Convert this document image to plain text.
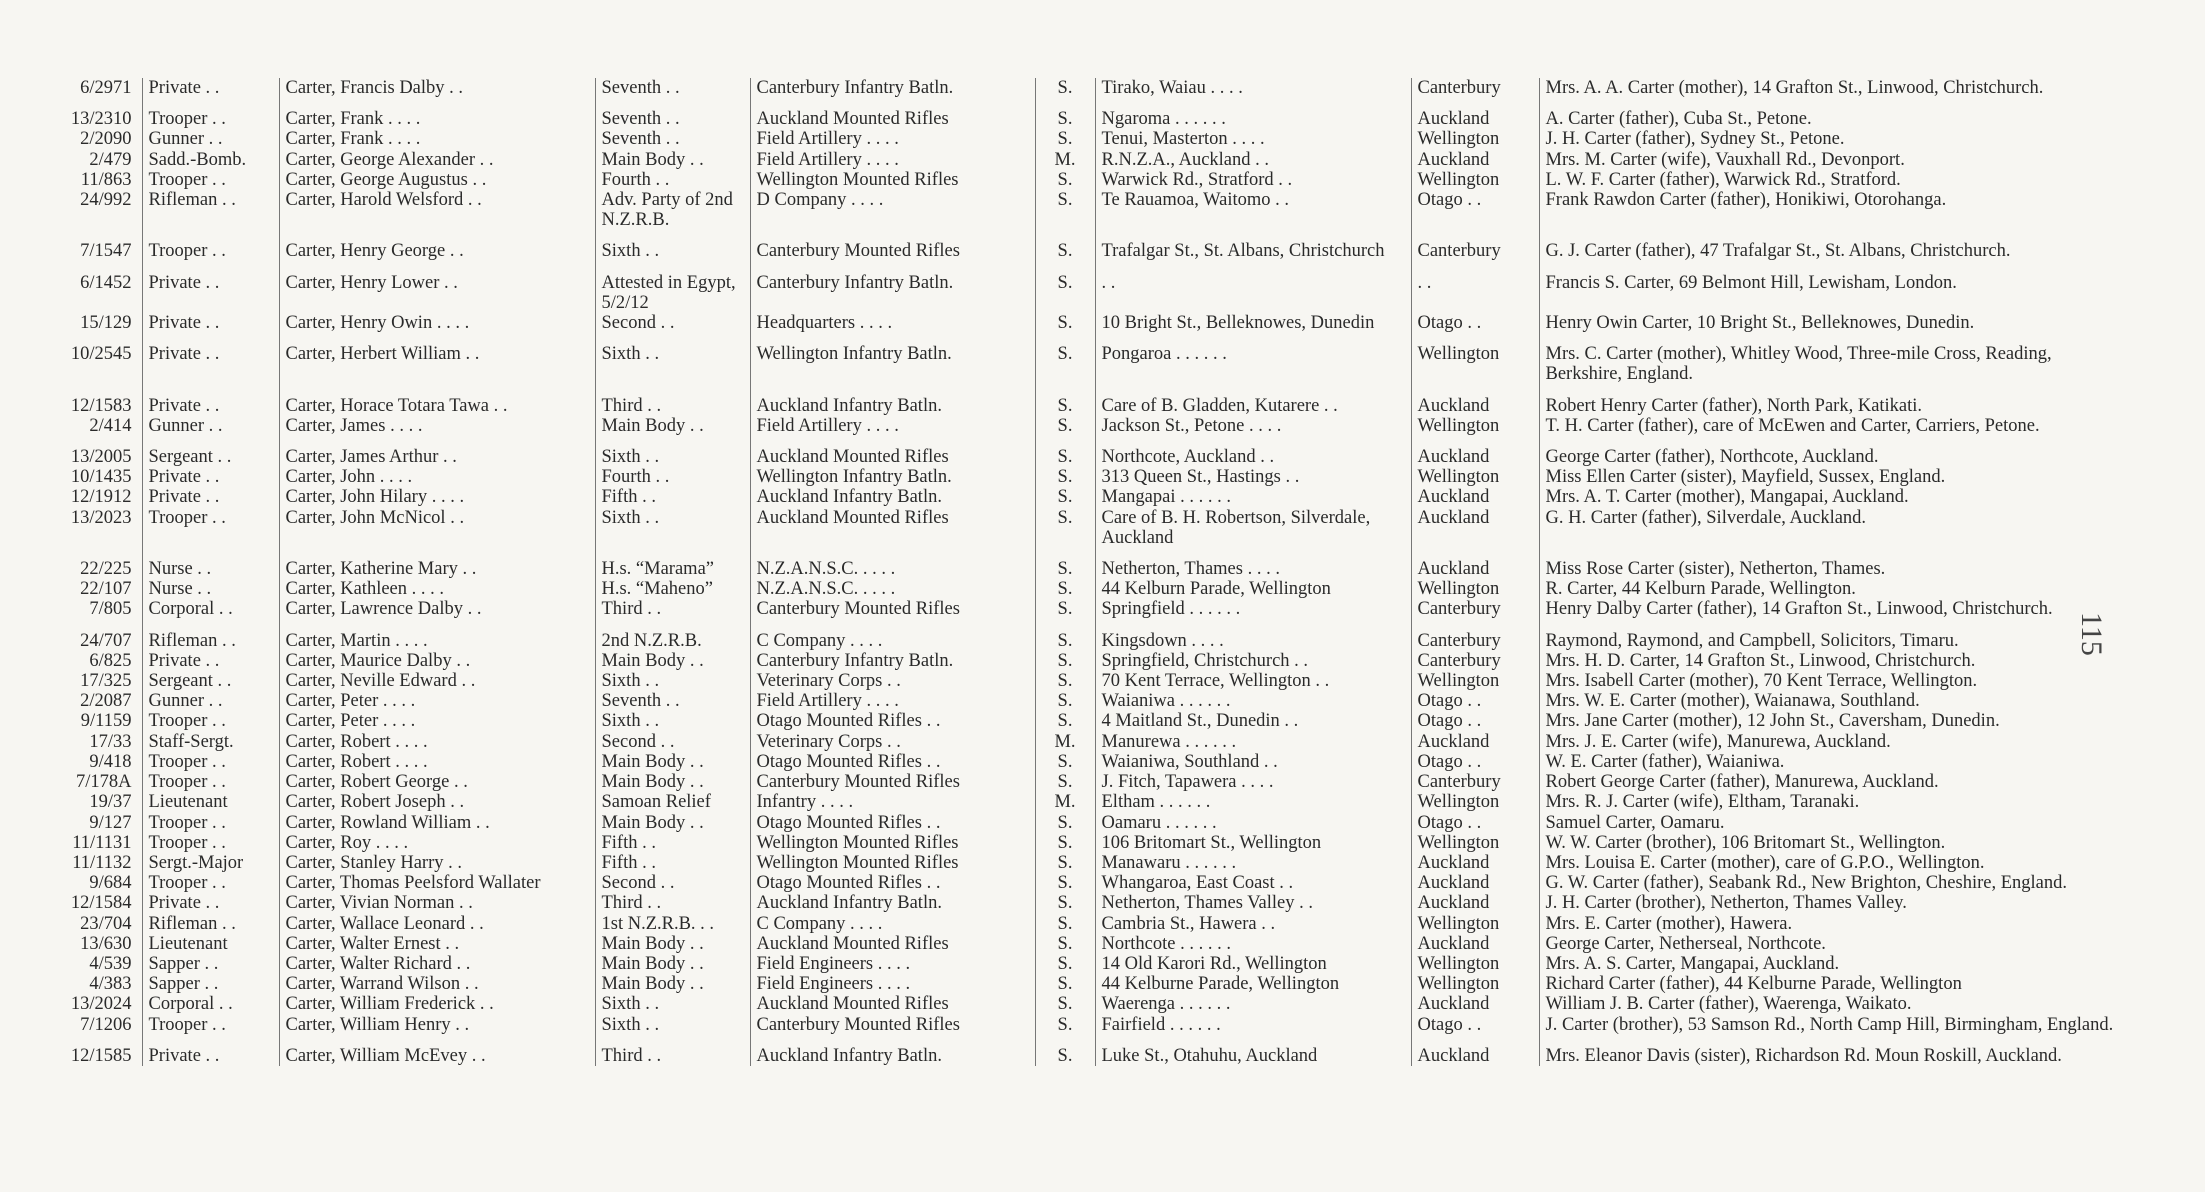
6/2971	Private . .	Carter, Francis Dalby . .	Seventh . .	Canterbury Infantry Batln.	S.	Tirako, Waiau . . . .	Canterbury	Mrs. A. A. Carter (mother), 14 Grafton St., Linwood, Christchurch.
13/2310	Trooper . .	Carter, Frank . . . .	Seventh . .	Auckland Mounted Rifles	S.	Ngaroma . . . . . .	Auckland	A. Carter (father), Cuba St., Petone.
2/2090	Gunner . .	Carter, Frank . . . .	Seventh . .	Field Artillery . . . .	S.	Tenui, Masterton . . . .	Wellington	J. H. Carter (father), Sydney St., Petone.
2/479	Sadd.-Bomb.	Carter, George Alexander . .	Main Body . .	Field Artillery . . . .	M.	R.N.Z.A., Auckland . .	Auckland	Mrs. M. Carter (wife), Vauxhall Rd., Devonport.
11/863	Trooper . .	Carter, George Augustus . .	Fourth . .	Wellington Mounted Rifles	S.	Warwick Rd., Stratford . .	Wellington	L. W. F. Carter (father), Warwick Rd., Stratford.
24/992	Rifleman . .	Carter, Harold Welsford . .	Adv. Party of 2nd N.Z.R.B.	D Company . . . .	S.	Te Rauamoa, Waitomo . .	Otago . .	Frank Rawdon Carter (father), Honikiwi, Otorohanga.
7/1547	Trooper . .	Carter, Henry George . .	Sixth . .	Canterbury Mounted Rifles	S.	Trafalgar St., St. Albans, Christchurch	Canterbury	G. J. Carter (father), 47 Trafalgar St., St. Albans, Christchurch.
6/1452	Private . .	Carter, Henry Lower . .	Attested in Egypt, 5/2/12	Canterbury Infantry Batln.	S.	. .	. .	Francis S. Carter, 69 Belmont Hill, Lewisham, London.
15/129	Private . .	Carter, Henry Owin . . . .	Second . .	Headquarters . . . .	S.	10 Bright St., Belleknowes, Dunedin	Otago . .	Henry Owin Carter, 10 Bright St., Belleknowes, Dunedin.
10/2545	Private . .	Carter, Herbert William . .	Sixth . .	Wellington Infantry Batln.	S.	Pongaroa . . . . . .	Wellington	Mrs. C. Carter (mother), Whitley Wood, Three-mile Cross, Reading, Berkshire, England.
12/1583	Private . .	Carter, Horace Totara Tawa . .	Third . .	Auckland Infantry Batln.	S.	Care of B. Gladden, Kutarere . .	Auckland	Robert Henry Carter (father), North Park, Katikati.
2/414	Gunner . .	Carter, James . . . .	Main Body . .	Field Artillery . . . .	S.	Jackson St., Petone . . . .	Wellington	T. H. Carter (father), care of McEwen and Carter, Carriers, Petone.
13/2005	Sergeant . .	Carter, James Arthur . .	Sixth . .	Auckland Mounted Rifles	S.	Northcote, Auckland . .	Auckland	George Carter (father), Northcote, Auckland.
10/1435	Private . .	Carter, John . . . .	Fourth . .	Wellington Infantry Batln.	S.	313 Queen St., Hastings . .	Wellington	Miss Ellen Carter (sister), Mayfield, Sussex, England.
12/1912	Private . .	Carter, John Hilary . . . .	Fifth . .	Auckland Infantry Batln.	S.	Mangapai . . . . . .	Auckland	Mrs. A. T. Carter (mother), Mangapai, Auckland.
13/2023	Trooper . .	Carter, John McNicol . .	Sixth . .	Auckland Mounted Rifles	S.	Care of B. H. Robertson, Silverdale, Auckland	Auckland	G. H. Carter (father), Silverdale, Auckland.
22/225	Nurse . .	Carter, Katherine Mary . .	H.s. “Marama”	N.Z.A.N.S.C. . . . .	S.	Netherton, Thames . . . .	Auckland	Miss Rose Carter (sister), Netherton, Thames.
22/107	Nurse . .	Carter, Kathleen . . . .	H.s. “Maheno”	N.Z.A.N.S.C. . . . .	S.	44 Kelburn Parade, Wellington	Wellington	R. Carter, 44 Kelburn Parade, Wellington.
7/805	Corporal . .	Carter, Lawrence Dalby . .	Third . .	Canterbury Mounted Rifles	S.	Springfield . . . . . .	Canterbury	Henry Dalby Carter (father), 14 Grafton St., Linwood, Christchurch.
24/707	Rifleman . .	Carter, Martin . . . .	2nd N.Z.R.B.	C Company . . . .	S.	Kingsdown . . . .	Canterbury	Raymond, Raymond, and Campbell, Solicitors, Timaru.
6/825	Private . .	Carter, Maurice Dalby . .	Main Body . .	Canterbury Infantry Batln.	S.	Springfield, Christchurch . .	Canterbury	Mrs. H. D. Carter, 14 Grafton St., Linwood, Christchurch.
17/325	Sergeant . .	Carter, Neville Edward . .	Sixth . .	Veterinary Corps . .	S.	70 Kent Terrace, Wellington . .	Wellington	Mrs. Isabell Carter (mother), 70 Kent Terrace, Wellington.
2/2087	Gunner . .	Carter, Peter . . . .	Seventh . .	Field Artillery . . . .	S.	Waianiwa . . . . . .	Otago . .	Mrs. W. E. Carter (mother), Waianawa, Southland.
9/1159	Trooper . .	Carter, Peter . . . .	Sixth . .	Otago Mounted Rifles . .	S.	4 Maitland St., Dunedin . .	Otago . .	Mrs. Jane Carter (mother), 12 John St., Caversham, Dunedin.
17/33	Staff-Sergt.	Carter, Robert . . . .	Second . .	Veterinary Corps . .	M.	Manurewa . . . . . .	Auckland	Mrs. J. E. Carter (wife), Manurewa, Auckland.
9/418	Trooper . .	Carter, Robert . . . .	Main Body . .	Otago Mounted Rifles . .	S.	Waianiwa, Southland . .	Otago . .	W. E. Carter (father), Waianiwa.
7/178A	Trooper . .	Carter, Robert George . .	Main Body . .	Canterbury Mounted Rifles	S.	J. Fitch, Tapawera . . . .	Canterbury	Robert George Carter (father), Manurewa, Auckland.
19/37	Lieutenant	Carter, Robert Joseph . .	Samoan Relief	Infantry . . . .	M.	Eltham . . . . . .	Wellington	Mrs. R. J. Carter (wife), Eltham, Taranaki.
9/127	Trooper . .	Carter, Rowland William . .	Main Body . .	Otago Mounted Rifles . .	S.	Oamaru . . . . . .	Otago . .	Samuel Carter, Oamaru.
11/1131	Trooper . .	Carter, Roy . . . .	Fifth . .	Wellington Mounted Rifles	S.	106 Britomart St., Wellington	Wellington	W. W. Carter (brother), 106 Britomart St., Wellington.
11/1132	Sergt.-Major	Carter, Stanley Harry . .	Fifth . .	Wellington Mounted Rifles	S.	Manawaru . . . . . .	Auckland	Mrs. Louisa E. Carter (mother), care of G.P.O., Wellington.
9/684	Trooper . .	Carter, Thomas Peelsford Wallater	Second . .	Otago Mounted Rifles . .	S.	Whangaroa, East Coast . .	Auckland	G. W. Carter (father), Seabank Rd., New Brighton, Cheshire, England.
12/1584	Private . .	Carter, Vivian Norman . .	Third . .	Auckland Infantry Batln.	S.	Netherton, Thames Valley . .	Auckland	J. H. Carter (brother), Netherton, Thames Valley.
23/704	Rifleman . .	Carter, Wallace Leonard . .	1st N.Z.R.B. . .	C Company . . . .	S.	Cambria St., Hawera . .	Wellington	Mrs. E. Carter (mother), Hawera.
13/630	Lieutenant	Carter, Walter Ernest . .	Main Body . .	Auckland Mounted Rifles	S.	Northcote . . . . . .	Auckland	George Carter, Netherseal, Northcote.
4/539	Sapper . .	Carter, Walter Richard . .	Main Body . .	Field Engineers . . . .	S.	14 Old Karori Rd., Wellington	Wellington	Mrs. A. S. Carter, Mangapai, Auckland.
4/383	Sapper . .	Carter, Warrand Wilson . .	Main Body . .	Field Engineers . . . .	S.	44 Kelburne Parade, Wellington	Wellington	Richard Carter (father), 44 Kelburne Parade, Wellington
13/2024	Corporal . .	Carter, William Frederick . .	Sixth . .	Auckland Mounted Rifles	S.	Waerenga . . . . . .	Auckland	William J. B. Carter (father), Waerenga, Waikato.
7/1206	Trooper . .	Carter, William Henry . .	Sixth . .	Canterbury Mounted Rifles	S.	Fairfield . . . . . .	Otago . .	J. Carter (brother), 53 Samson Rd., North Camp Hill, Birmingham, England.
12/1585	Private . .	Carter, William McEvey . .	Third . .	Auckland Infantry Batln.	S.	Luke St., Otahuhu, Auckland	Auckland	Mrs. Eleanor Davis (sister), Richardson Rd. Moun Roskill, Auckland.
115
